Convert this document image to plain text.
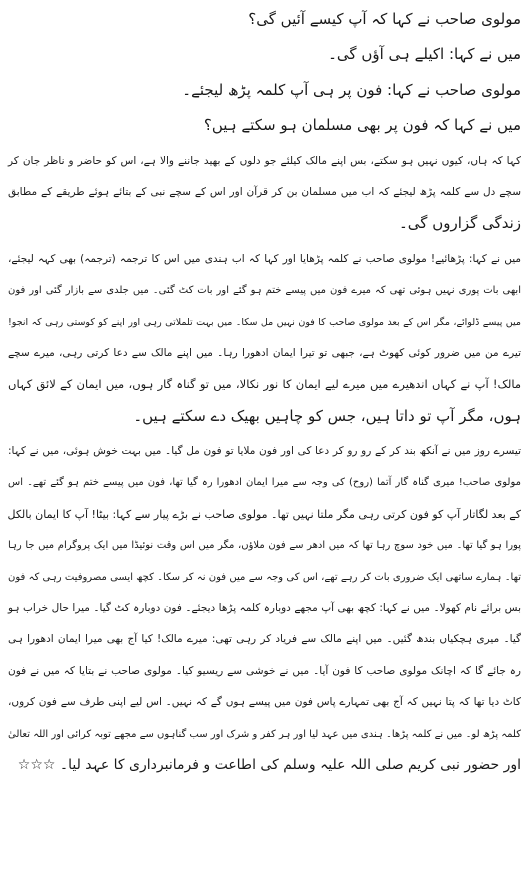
مولوی صاحب نے کہا کہ آپ کیسے آئیں گی؟
میں نے کہا: اکیلے ہی آؤں گی۔
مولوی صاحب نے کہا: فون پر ہی آپ کلمہ پڑھ لیجئے۔
میں نے کہا کہ فون پر بھی مسلمان ہو سکتے ہیں؟
کہا کہ ہاں، کیوں نہیں ہو سکتے، بس اپنے مالک کیلئے جو دلوں کے بھید جاننے والا ہے، اس کو حاضر و ناظر جان کر
سچے دل سے کلمہ پڑھ لیجئے کہ اب میں مسلمان بن کر قرآن اور اس کے سچے نبی کے بتائے ہوئے طریقے کے مطابق
زندگی گزاروں گی۔
میں نے کہا: پڑھائیے! مولوی صاحب نے کلمہ پڑھایا اور کہا کہ اب ہندی میں اس کا ترجمہ (ترجمہ) بھی کہہ لیجئے،
ابھی بات پوری نہیں ہوئی تھی کہ میرے فون میں پیسے ختم ہو گئے اور بات کٹ گئی۔ میں جلدی سے بازار گئی اور فون
میں پیسے ڈلوائے، مگر اس کے بعد مولوی صاحب کا فون نہیں مل سکا۔ میں بہت تلملاتی رہی اور اپنے کو کوستی رہی کہ انجو!
تیرے من میں ضرور کوئی کھوٹ ہے، جبھی تو تیرا ایمان ادھورا رہا۔ میں اپنے مالک سے دعا کرتی رہی، میرے سچے
مالک! آپ نے کہاں اندھیرے میں میرے لیے ایمان کا نور نکالا، میں تو گناہ گار ہوں، میں ایمان کے لائق کہاں
ہوں، مگر آپ تو داتا ہیں، جس کو چاہیں بھیک دے سکتے ہیں۔
تیسرے روز میں نے آنکھ بند کر کے رو رو کر دعا کی اور فون ملایا تو فون مل گیا۔ میں بہت خوش ہوئی، میں نے کہا:
مولوی صاحب! میری گناہ گار آتما (روح) کی وجہ سے میرا ایمان ادھورا رہ گیا تھا، فون میں پیسے ختم ہو گئے تھے۔ اس
کے بعد لگاتار آپ کو فون کرتی رہی مگر ملتا نہیں تھا۔ مولوی صاحب نے بڑے پیار سے کہا: بیٹا! آپ کا ایمان بالکل
پورا ہو گیا تھا۔ میں خود سوچ رہا تھا کہ میں ادھر سے فون ملاؤں، مگر میں اس وقت نوئیڈا میں ایک پروگرام میں جا رہا
تھا۔ ہمارے ساتھی ایک ضروری بات کر رہے تھے، اس کی وجہ سے میں فون نہ کر سکا۔ کچھ ایسی مصروفیت رہی کہ فون
بس برائے نام کھولا۔ میں نے کہا: کچھ بھی آپ مجھے دوبارہ کلمہ پڑھا دیجئے۔ فون دوبارہ کٹ گیا۔ میرا حال خراب ہو
گیا۔ میری ہچکیاں بندھ گئیں۔ میں اپنے مالک سے فریاد کر رہی تھی: میرے مالک! کیا آج بھی میرا ایمان ادھورا ہی
رہ جائے گا کہ اچانک مولوی صاحب کا فون آیا۔ میں نے خوشی سے ریسیو کیا۔ مولوی صاحب نے بتایا کہ میں نے فون
کاٹ دیا تھا کہ پتا نہیں کہ آج بھی تمہارے پاس فون میں پیسے ہوں گے کہ نہیں۔ اس لیے اپنی طرف سے فون کروں،
کلمہ پڑھ لو۔ میں نے کلمہ پڑھا۔ ہندی میں عہد لیا اور ہر کفر و شرک اور سب گناہوں سے مجھے توبہ کرائی اور اللہ تعالیٰ
اور حضور نبی کریم صلی اللہ علیہ وسلم کی اطاعت و فرمانبرداری کا عہد لیا۔ ☆☆☆
